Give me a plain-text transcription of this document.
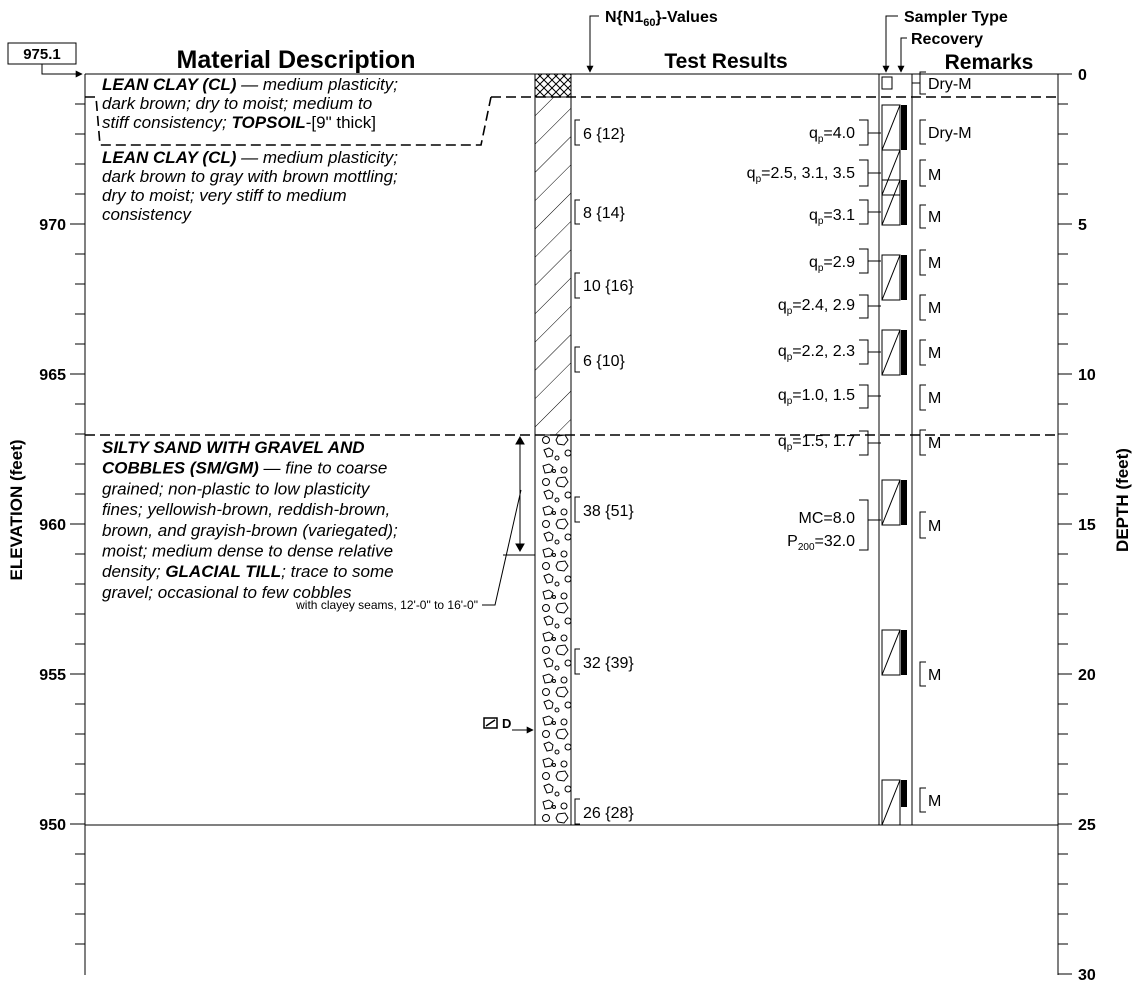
975.1	Material Description	Test Results	Remarks
$N\{N1_{60}\}$-Values	Sampler Type
Recovery
970
965
960
955
950
0
5
10
15
20
25
30
ELEVATION (feet)	DEPTH (feet)
LEAN CLAY (CL) — medium plasticity;
dark brown; dry to moist; medium to
stiff consistency; TOPSOIL-[9" thick]
LEAN CLAY (CL) — medium plasticity;
dark brown to gray with brown mottling;
dry to moist; very stiff to medium
consistency
SILTY SAND WITH GRAVEL AND
COBBLES (SM/GM) — fine to coarse
grained; non-plastic to low plasticity
fines; yellowish-brown, reddish-brown,
brown, and grayish-brown (variegated);
moist; medium dense to dense relative
density; GLACIAL TILL; trace to some
gravel; occasional to few cobbles
with clayey seams, 12'-0" to 16'-0"
D
6 {12}
8 {14}
10 {16}
6 {10}
38 {51}
32 {39}
26 {28}
$q_p=4.0$
$q_p=2.5$, 3.1, 3.5
$q_p=3.1$
$q_p=2.9$
$q_p=2.4$, 2.9
$q_p=2.2$, 2.3
$q_p=1.0$, 1.5
$q_p=1.5$, 1.7
MC=8.0
$P_{200}=32.0$
Dry-M
Dry-M
M
M
M
M
M
M
M
M
M
M
